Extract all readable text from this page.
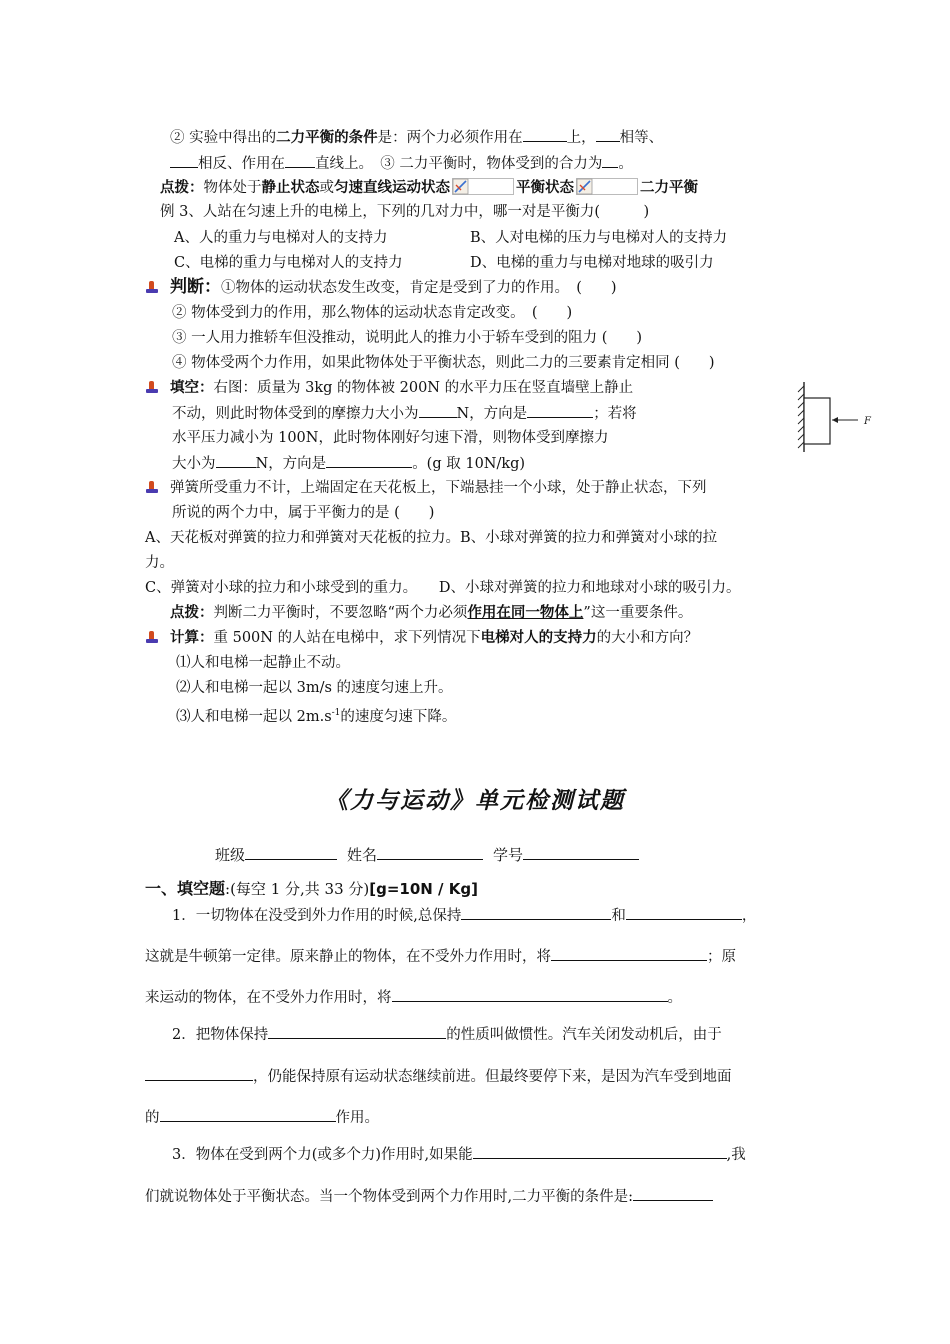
② 实验中得出的二力平衡的条件是：两个力必须作用在	上， 相等、
相反、作用在 直线上。　③ 二力平衡时，物体受到的合力为 。
点拨：物体处于静止状态或匀速直线运动状态	平衡状态	二力平衡
例 3、人站在匀速上升的电梯上，下列的几对力中，哪一对是平衡力(　　　)
A、人的重力与电梯对人的支持力	B、人对电梯的压力与电梯对人的支持力
C、电梯的重力与电梯对人的支持力	D、电梯的重力与电梯对地球的吸引力
判断：①物体的运动状态发生改变，肯定是受到了力的作用。　(　　)
② 物体受到力的作用，那么物体的运动状态肯定改变。　(　　)
③ 一人用力推轿车但没推动，说明此人的推力小于轿车受到的阻力 (　　)
④ 物体受两个力作用，如果此物体处于平衡状态，则此二力的三要素肯定相同 (　　)
填空：右图：质量为 3kg 的物体被 200N 的水平力压在竖直墙壁上静止
不动，则此时物体受到的摩擦力大小为	N，方向是	；若将
水平压力减小为 100N，此时物体刚好匀速下滑，则物体受到摩擦力
大小为	N，方向是	。(g 取 10N/kg)
F
弹簧所受重力不计，上端固定在天花板上，下端悬挂一个小球，处于静止状态，下列
所说的两个力中，属于平衡力的是 (　　)
A、天花板对弹簧的拉力和弹簧对天花板的拉力。B、小球对弹簧的拉力和弹簧对小球的拉
力。
C、弹簧对小球的拉力和小球受到的重力。　　D、小球对弹簧的拉力和地球对小球的吸引力。
点拨：判断二力平衡时，不要忽略“两个力必须作用在同一物体上”这一重要条件。
计算：重 500N 的人站在电梯中，求下列情况下电梯对人的支持力的大小和方向？
⑴人和电梯一起静止不动。
⑵人和电梯一起以 3m/s 的速度匀速上升。
⑶人和电梯一起以 $2m.s^{-1}$的速度匀速下降。
《力与运动》单元检测试题
班级	姓名	学号
一、填空题:(每空 1 分,共 33 分)[g=10N / Kg]
1．一切物体在没受到外力作用的时候,总保持	和	，
这就是牛顿第一定律。原来静止的物体，在不受外力作用时，将	；原
来运动的物体，在不受外力作用时，将	。
2．把物体保持	的性质叫做惯性。汽车关闭发动机后，由于
，仍能保持原有运动状态继续前进。但最终要停下来，是因为汽车受到地面
的	作用。
3．物体在受到两个力(或多个力)作用时,如果能	,我
们就说物体处于平衡状态。当一个物体受到两个力作用时,二力平衡的条件是:
